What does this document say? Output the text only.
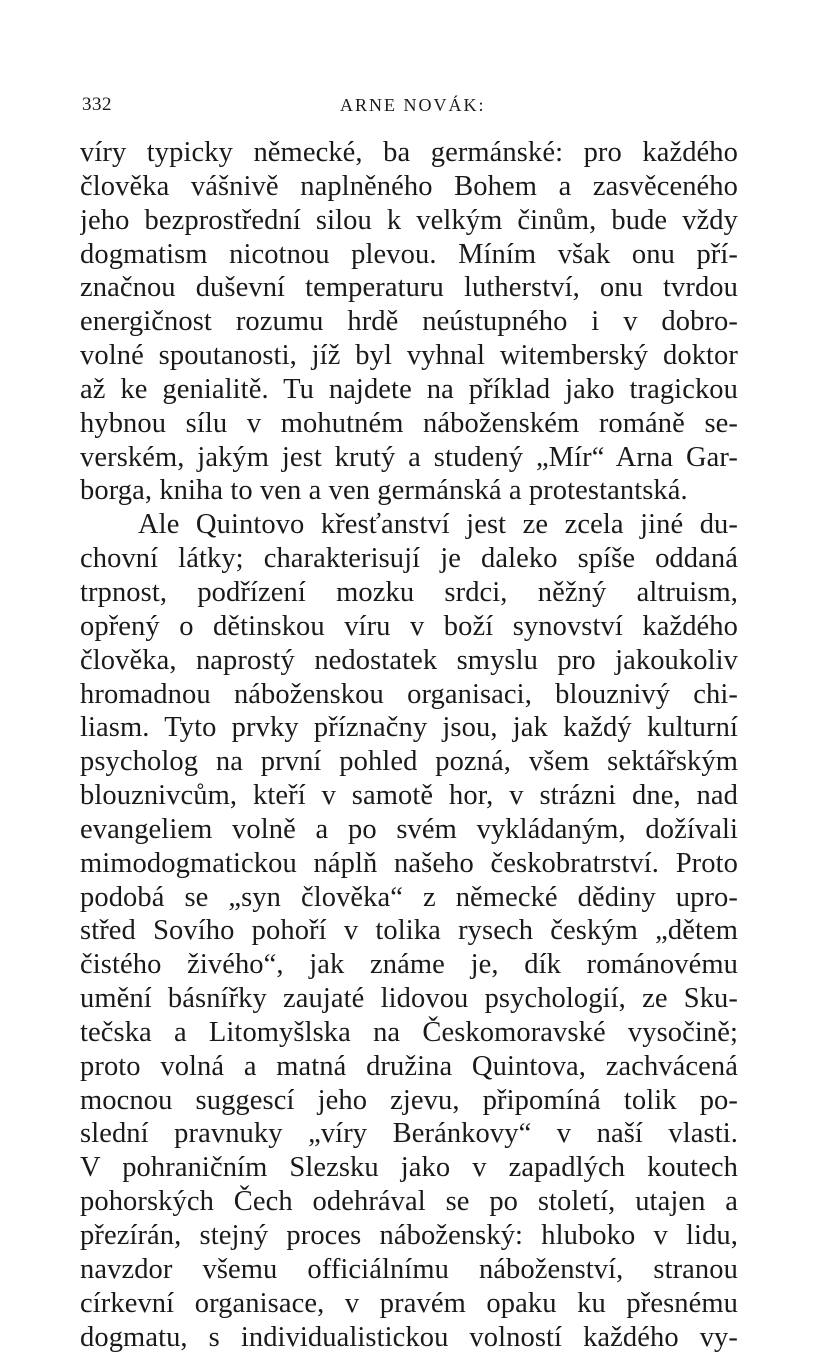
332	ARNE NOVÁK:
víry typicky německé, ba germánské: pro každého
člověka vášnivě naplněného Bohem a zasvěceného
jeho bezprostřední silou k velkým činům, bude vždy
dogmatism nicotnou plevou. Míním však onu pří-
značnou duševní temperaturu lutherství, onu tvrdou
energičnost rozumu hrdě neústupného i v dobro-
volné spoutanosti, jíž byl vyhnal witemberský doktor
až ke genialitě. Tu najdete na příklad jako tragickou
hybnou sílu v mohutném náboženském románě se-
verském, jakým jest krutý a studený „Mír“ Arna Gar-
borga, kniha to ven a ven germánská a protestantská.
Ale Quintovo křesťanství jest ze zcela jiné du-
chovní látky; charakterisují je daleko spíše oddaná
trpnost, podřízení mozku srdci, něžný altruism,
opřený o dětinskou víru v boží synovství každého
člověka, naprostý nedostatek smyslu pro jakoukoliv
hromadnou náboženskou organisaci, blouznivý chi-
liasm. Tyto prvky příznačny jsou, jak každý kulturní
psycholog na první pohled pozná, všem sektářským
blouznivcům, kteří v samotě hor, v strázni dne, nad
evangeliem volně a po svém vykládaným, dožívali
mimodogmatickou náplň našeho českobratrství. Proto
podobá se „syn člověka“ z německé dědiny upro-
střed Sovího pohoří v tolika rysech českým „dětem
čistého živého“, jak známe je, dík románovému
umění básnířky zaujaté lidovou psychologií, ze Sku-
tečska a Litomyšlska na Českomoravské vysočině;
proto volná a matná družina Quintova, zachvácená
mocnou suggescí jeho zjevu, připomíná tolik po-
slední pravnuky „víry Beránkovy“ v naší vlasti.
V pohraničním Slezsku jako v zapadlých koutech
pohorských Čech odehrával se po století, utajen a
přezírán, stejný proces náboženský: hluboko v lidu,
navzdor všemu officiálnímu náboženství, stranou
církevní organisace, v pravém opaku ku přesnému
dogmatu, s individualistickou volností každého vy-
